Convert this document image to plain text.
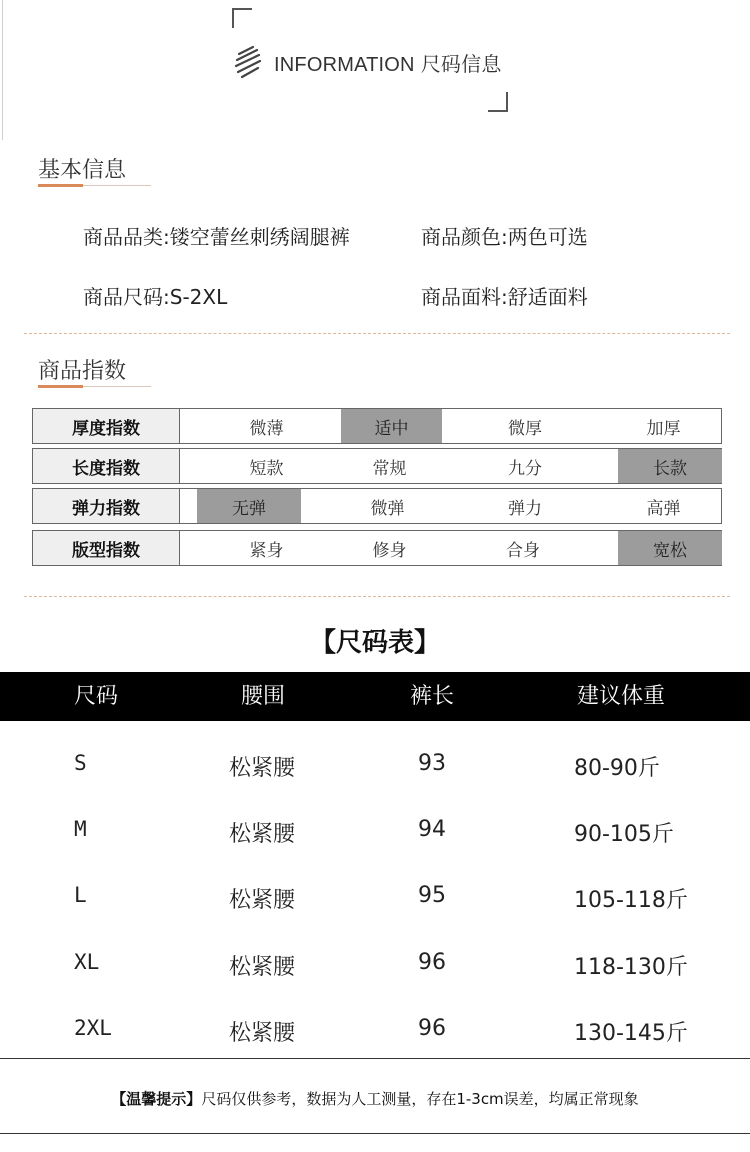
INFORMATION 尺码信息
基本信息
商品品类:镂空蕾丝刺绣阔腿裤	商品颜色:两色可选
商品尺码:S-2XL	商品面料:舒适面料
商品指数
厚度指数	微薄	适中	微厚	加厚
长度指数	短款	常规	九分	长款
弹力指数	无弹	微弹	弹力	高弹
版型指数	紧身	修身	合身	宽松
【尺码表】
尺码	腰围	裤长	建议体重
S	松紧腰	93	80-90斤
M	松紧腰	94	90-105斤
L	松紧腰	95	105-118斤
XL	松紧腰	96	118-130斤
2XL	松紧腰	96	130-145斤
【温馨提示】尺码仅供参考，数据为人工测量，存在1-3cm误差，均属正常现象
